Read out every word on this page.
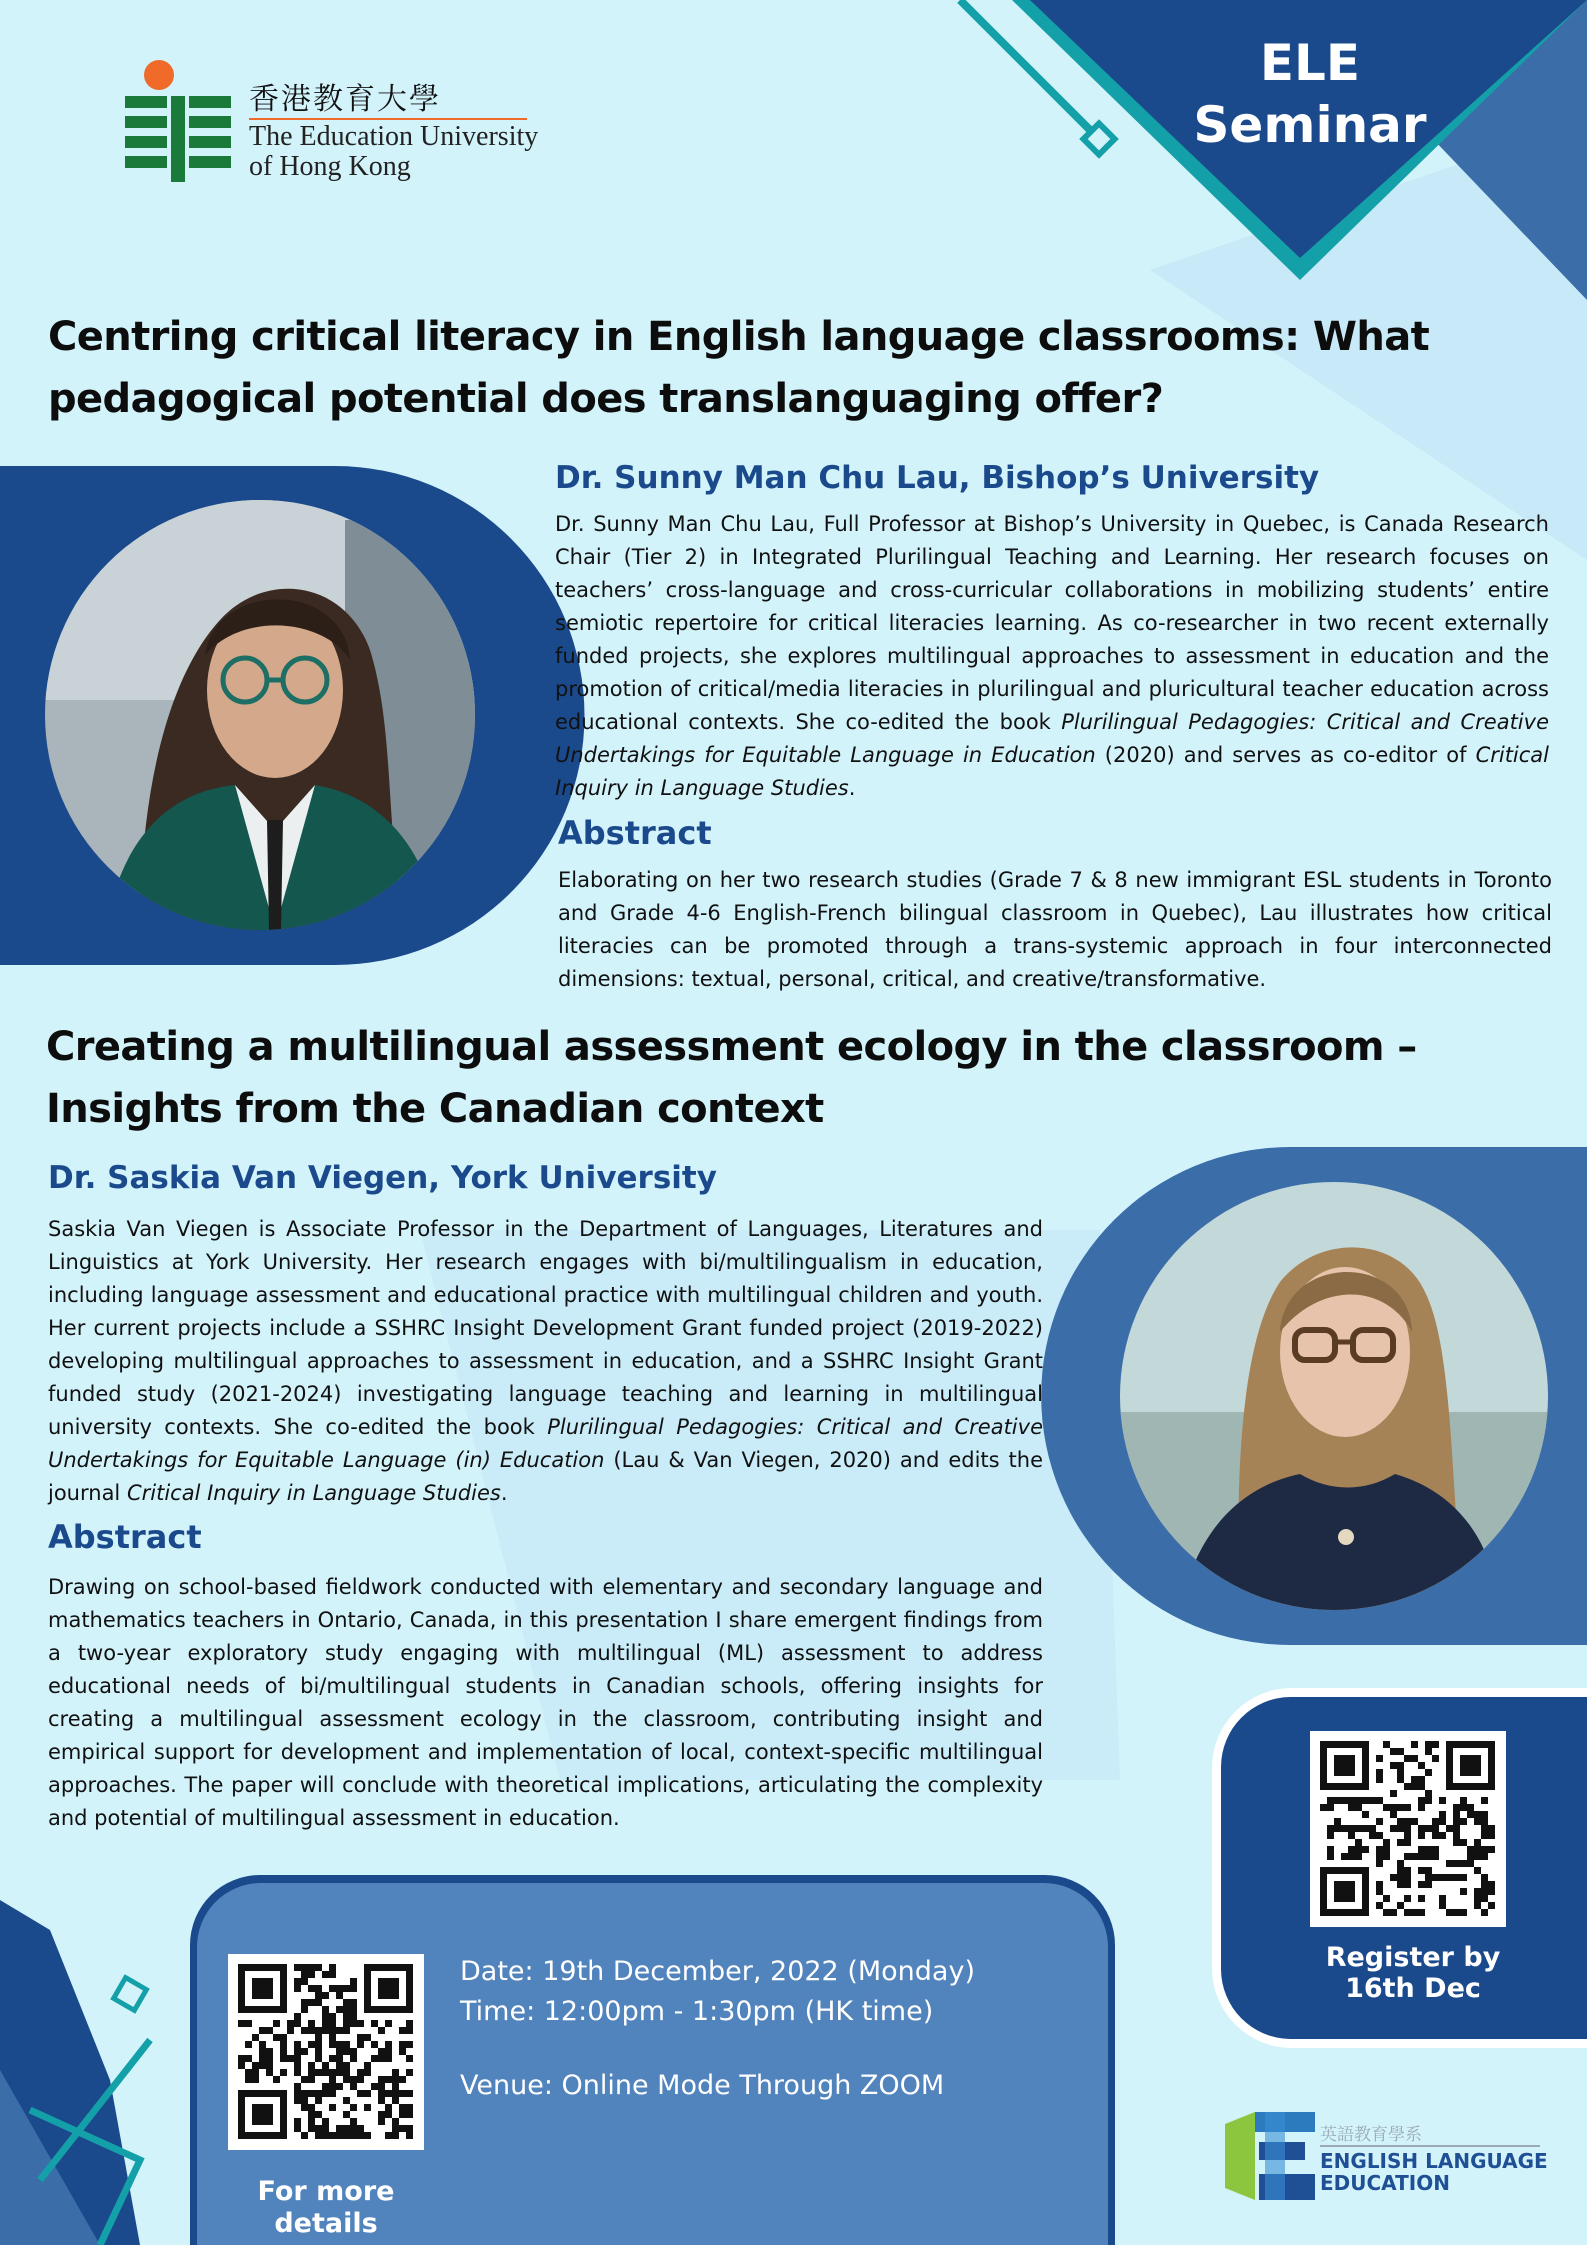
香港教育大學
The Education University
of Hong Kong
ELE
Seminar
Centring critical literacy in English language classrooms: What
pedagogical potential does translanguaging offer?
Dr. Sunny Man Chu Lau, Bishop’s University

Dr. Sunny Man Chu Lau, Full Professor at Bishop’s University in Quebec, is Canada Research Chair (Tier 2) in Integrated Plurilingual Teaching and Learning. Her research focuses on teachers’ cross-language and cross-curricular collaborations in mobilizing students’ entire semiotic repertoire for critical literacies learning. As co-researcher in two recent externally funded projects, she explores multilingual approaches to assessment in education and the promotion of critical/media literacies in plurilingual and pluricultural teacher education across educational contexts. She co-edited the book Plurilingual Pedagogies: Critical and Creative Undertakings for Equitable Language in Education (2020) and serves as co-editor of Critical Inquiry in Language Studies.

Abstract

Elaborating on her two research studies (Grade 7 & 8 new immigrant ESL students in Toronto and Grade 4-6 English-French bilingual classroom in Quebec), Lau illustrates how critical literacies can be promoted through a trans-systemic approach in four interconnected dimensions: textual, personal, critical, and creative/transformative.

Creating a multilingual assessment ecology in the classroom –
Insights from the Canadian context
Dr. Saskia Van Viegen, York University

Saskia Van Viegen is Associate Professor in the Department of Languages, Literatures and Linguistics at York University. Her research engages with bi/multilingualism in education, including language assessment and educational practice with multilingual children and youth. Her current projects include a SSHRC Insight Development Grant funded project (2019-2022) developing multilingual approaches to assessment in education, and a SSHRC Insight Grant funded study (2021-2024) investigating language teaching and learning in multilingual university contexts. She co-edited the book Plurilingual Pedagogies: Critical and Creative Undertakings for Equitable Language (in) Education (Lau & Van Viegen, 2020) and edits the journal Critical Inquiry in Language Studies.

Abstract

Drawing on school-based fieldwork conducted with elementary and secondary language and mathematics teachers in Ontario, Canada, in this presentation I share emergent findings from a two-year exploratory study engaging with multilingual (ML) assessment to address educational needs of bi/multilingual students in Canadian schools, offering insights for creating a multilingual assessment ecology in the classroom, contributing insight and empirical support for development and implementation of local, context-specific multilingual approaches. The paper will conclude with theoretical implications, articulating the complexity and potential of multilingual assessment in education.

Register by
16th Dec
For more
details
Date: 19th December, 2022 (Monday)
Time: 12:00pm - 1:30pm (HK time)
Venue: Online Mode Through ZOOM
英語教育學系
ENGLISH LANGUAGE
EDUCATION
